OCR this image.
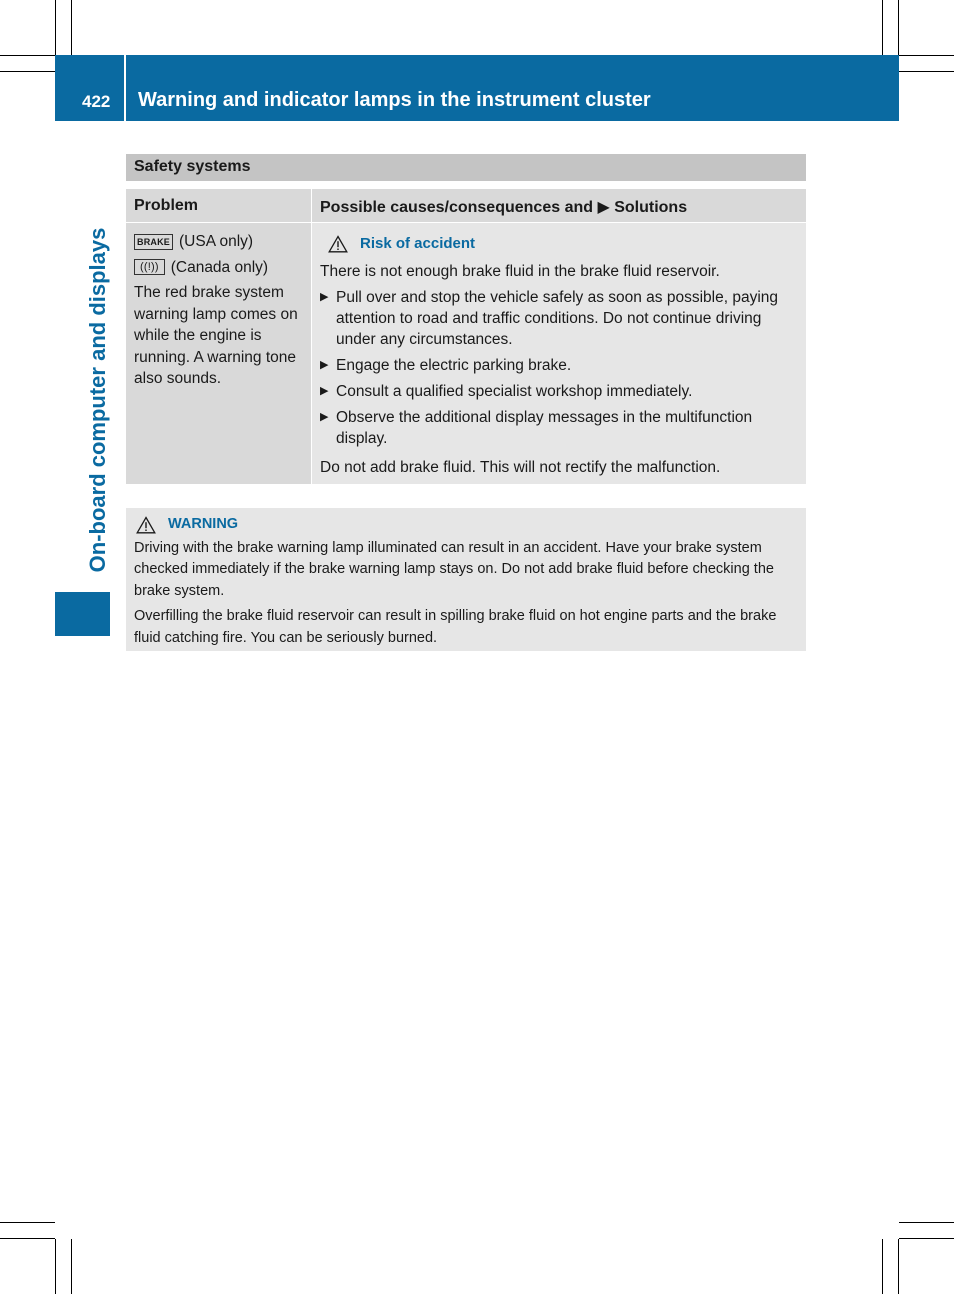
422 Warning and indicator lamps in the instrument cluster
On-board computer and displays
Safety systems
Problem	Possible causes/consequences and ▶ Solutions
BRAKE (USA only)
((!)) (Canada only)

The red brake system warning lamp comes on while the engine is running. A warning tone also sounds.

Risk of accident

There is not enough brake fluid in the brake fluid reservoir.

▶ Pull over and stop the vehicle safely as soon as possible, paying attention to road and traffic conditions. Do not continue driving under any circumstances.
▶ Engage the electric parking brake.
▶ Consult a qualified specialist workshop immediately.
▶ Observe the additional display messages in the multifunction display.

Do not add brake fluid. This will not rectify the malfunction.

WARNING

Driving with the brake warning lamp illuminated can result in an accident. Have your brake system checked immediately if the brake warning lamp stays on. Do not add brake fluid before checking the brake system.

Overfilling the brake fluid reservoir can result in spilling brake fluid on hot engine parts and the brake fluid catching fire. You can be seriously burned.
